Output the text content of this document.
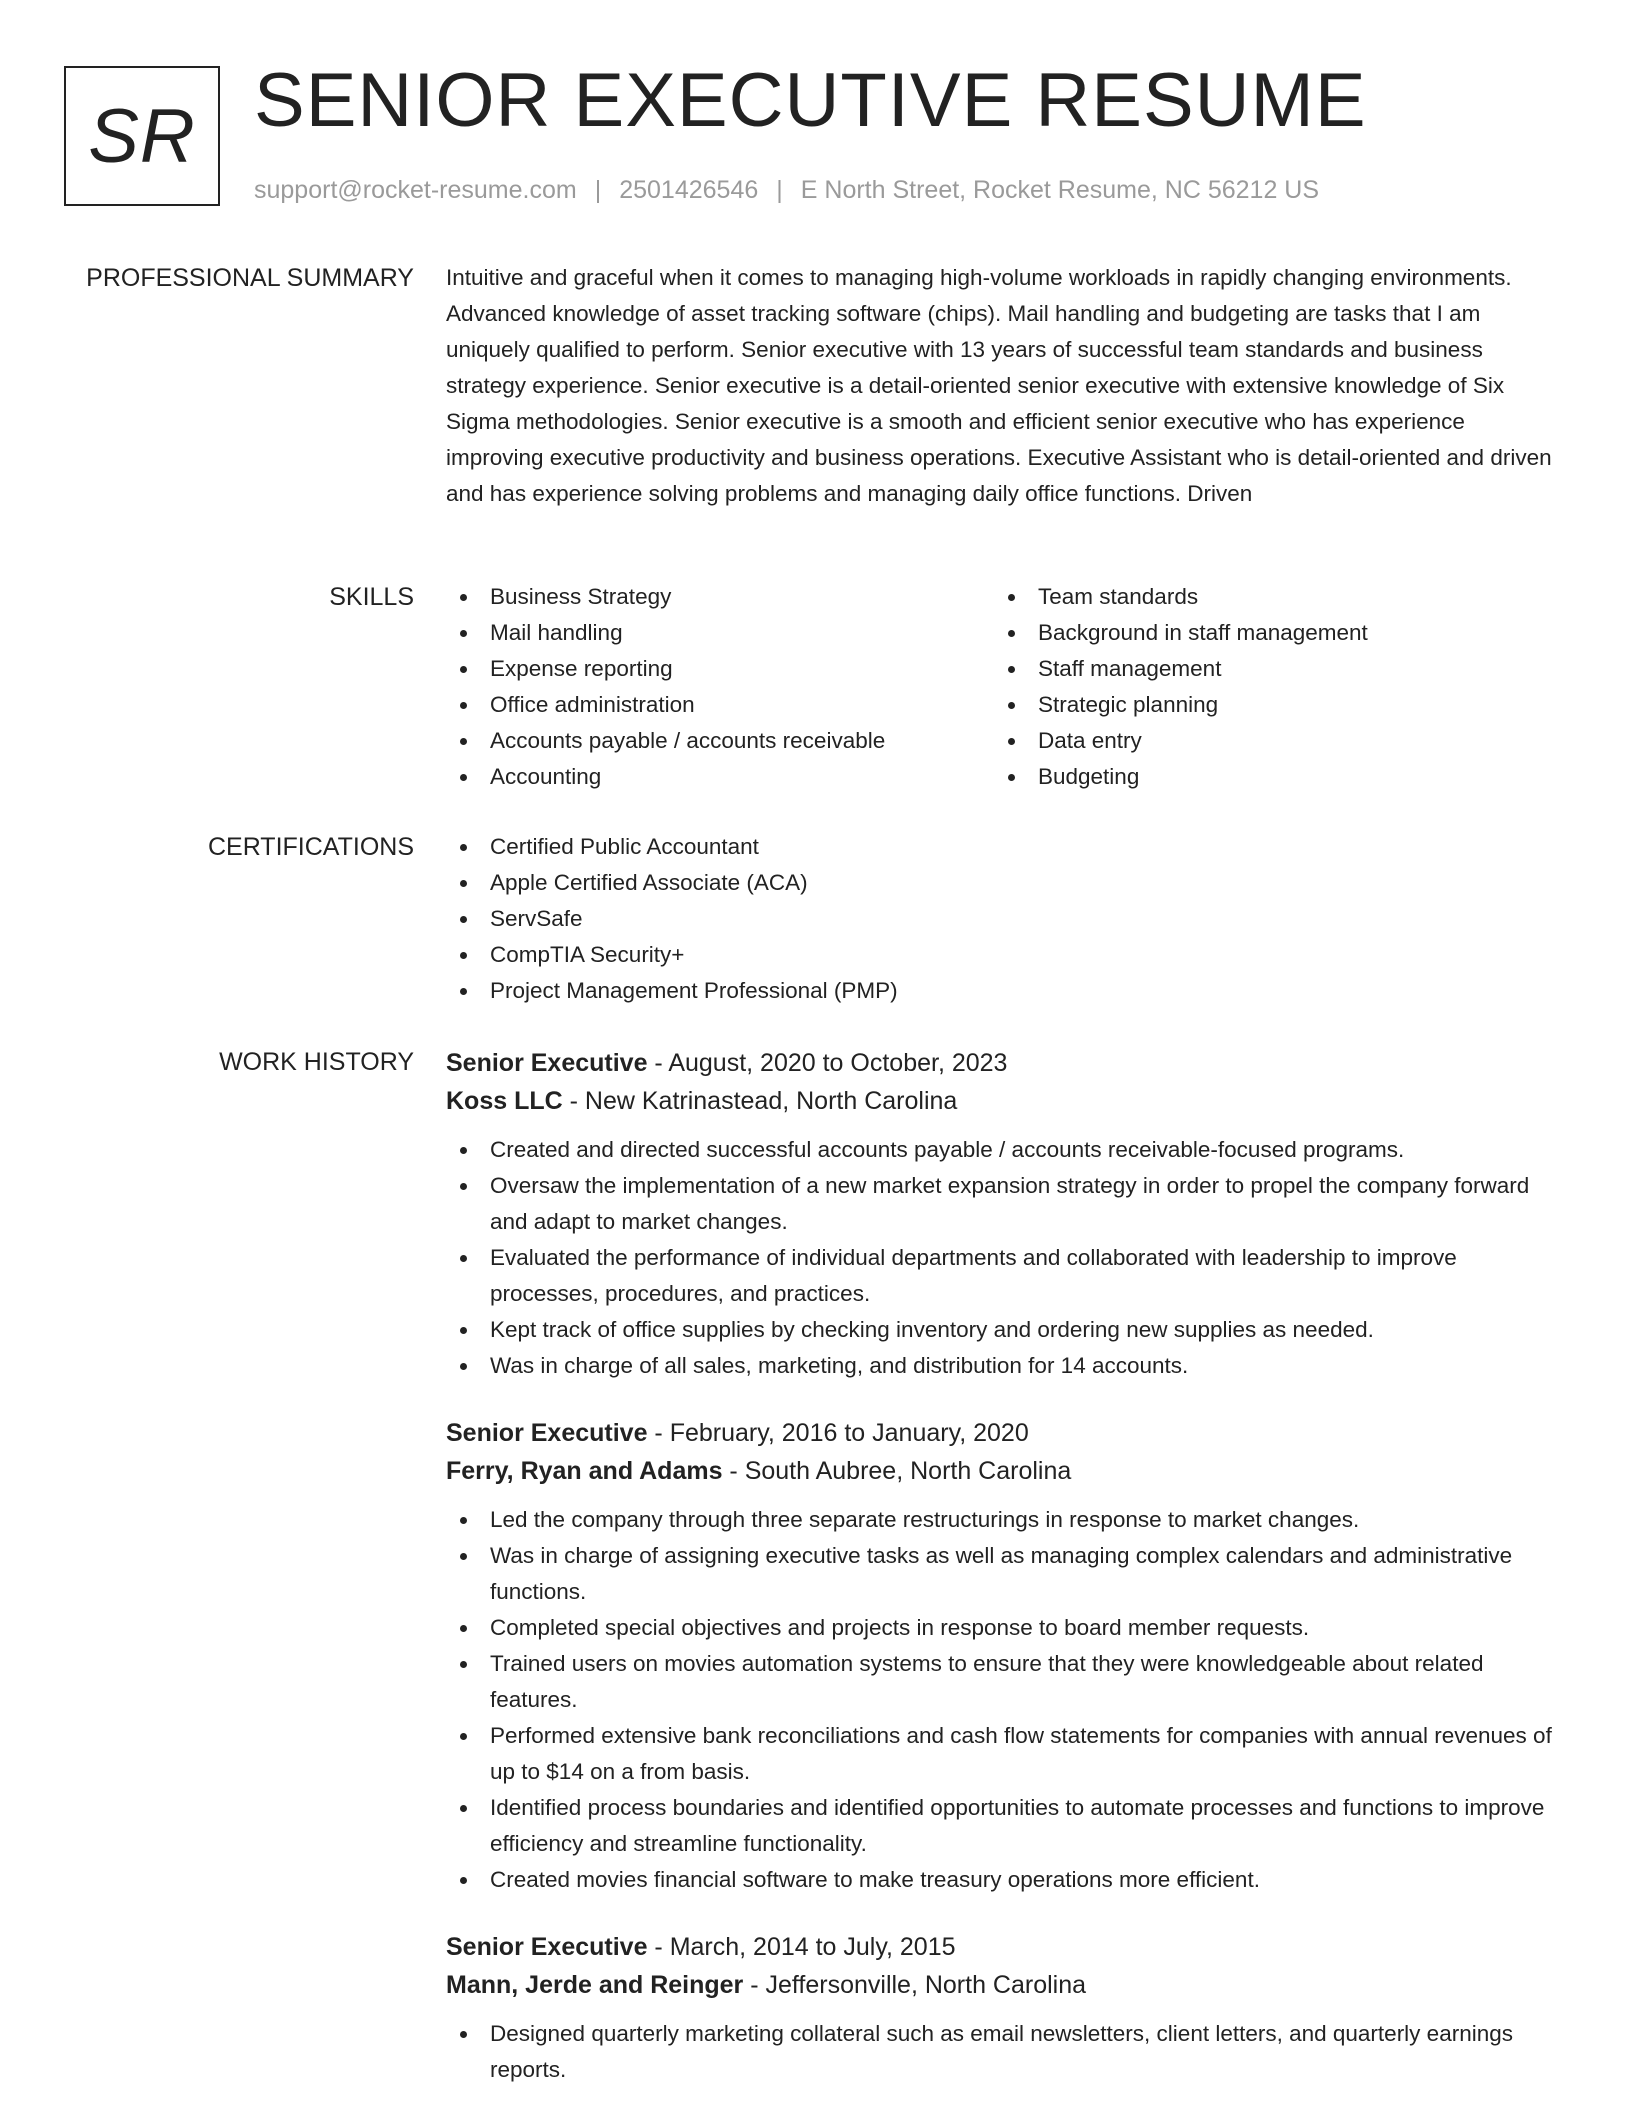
SR SENIOR EXECUTIVE RESUME
support@rocket-resume.com | 2501426546 | E North Street, Rocket Resume, NC 56212 US
PROFESSIONAL SUMMARY Intuitive and graceful when it comes to managing high-volume workloads in rapidly changing environments. Advanced knowledge of asset tracking software (chips). Mail handling and budgeting are tasks that I am uniquely qualified to perform. Senior executive with 13 years of successful team standards and business strategy experience. Senior executive is a detail-oriented senior executive with extensive knowledge of Six Sigma methodologies. Senior executive is a smooth and efficient senior executive who has experience improving executive productivity and business operations. Executive Assistant who is detail-oriented and driven and has experience solving problems and managing daily office functions. Driven

SKILLS	Business Strategy
Mail handling
Expense reporting
Office administration
Accounts payable / accounts receivable
Accounting
Team standards
Background in staff management
Staff management
Strategic planning
Data entry
Budgeting
CERTIFICATIONS	Certified Public Accountant
Apple Certified Associate (ACA)
ServSafe
CompTIA Security+
Project Management Professional (PMP)
WORK HISTORY Senior Executive - August, 2020 to October, 2023
Koss LLC - New Katrinastead, North Carolina
Created and directed successful accounts payable / accounts receivable-focused programs.
Oversaw the implementation of a new market expansion strategy in order to propel the company forward and adapt to market changes.
Evaluated the performance of individual departments and collaborated with leadership to improve processes, procedures, and practices.
Kept track of office supplies by checking inventory and ordering new supplies as needed.
Was in charge of all sales, marketing, and distribution for 14 accounts.
Senior Executive - February, 2016 to January, 2020
Ferry, Ryan and Adams - South Aubree, North Carolina
Led the company through three separate restructurings in response to market changes.
Was in charge of assigning executive tasks as well as managing complex calendars and administrative functions.
Completed special objectives and projects in response to board member requests.
Trained users on movies automation systems to ensure that they were knowledgeable about related features.
Performed extensive bank reconciliations and cash flow statements for companies with annual revenues of up to $14 on a from basis.
Identified process boundaries and identified opportunities to automate processes and functions to improve efficiency and streamline functionality.
Created movies financial software to make treasury operations more efficient.
Senior Executive - March, 2014 to July, 2015
Mann, Jerde and Reinger - Jeffersonville, North Carolina
Designed quarterly marketing collateral such as email newsletters, client letters, and quarterly earnings reports.
